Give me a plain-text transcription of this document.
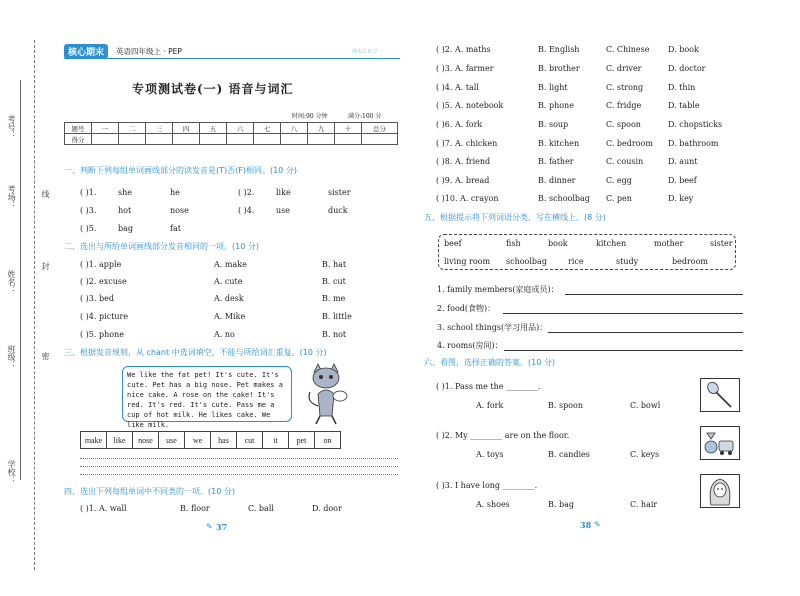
考号：
考场：
姓名：
班级：
学校：
线
封
密
核心期末	英语四年级上 · PEP	期末总复习
专项测试卷(一) 语音与词汇
时间:90 分钟	满分:100 分
题号	一	二	三	四	五	六	七	八	九	十	总分
得分											
一、判断下列每组单词画线部分的读发音是(T)否(F)相同。(10 分)
( )1.	she	he	( )2.	like	sister
( )3.	hot	nose	( )4.	use	duck
( )5.	bag	fat
二、选出与所给单词画线部分发音相同的一项。(10 分)
( )1. apple	A. make	B. hat
( )2. excuse	A. cute	B. cut
( )3. bed	A. desk	B. me
( )4. picture	A. Mike	B. little
( )5. phone	A. no	B. not
三、根据发音规则，从 chant 中选词填空，不能与所给词汇重复。(10 分)
We like the fat pet! It's cute. It's cute. Pet has a big nose. Pet makes a nice cake. A rose on the cake! It's red. It's red. It's cute. Pass me a cup of hot milk. He likes cake. We like milk.
make	like	nose	use	we	has	cut	it	pet	on
四、选出下列每组单词中不同类的一项。(10 分)
( )1. A. wall	B. floor	C. ball	D. door
37
✎
( )2. A. maths	B. English	C. Chinese D. book
( )3. A. farmer	B. brother	C. driver	D. doctor
( )4. A. tall	B. light	C. strong	D. thin
( )5. A. notebook	B. phone	C. fridge	D. table
( )6. A. fork	B. soup	C. spoon	D. chopsticks
( )7. A. chicken	B. kitchen	C. bedroom D. bathroom
( )8. A. friend	B. father	C. cousin	D. aunt
( )9. A. bread	B. dinner	C. egg	D. beef
( )10. A. crayon	B. schoolbag C. pen	D. key
五、根据提示将下列词语分类，写在横线上。(8 分)
beef	fish	book	kitchen	mother	sister
living room schoolbag	rice	study	bedroom
1. family members(家庭成员)：
2. food(食物)：
3. school things(学习用品)：
4. rooms(房间)：
六、看图，选择正确的答案。(10 分)
( )1. Pass me the ________.
A. fork	B. spoon	C. bowl
( )2. My ________ are on the floor.
A. toys	B. candies	C. keys
( )3. I have long ________.
A. shoes	B. bag	C. hair
38 ✎
